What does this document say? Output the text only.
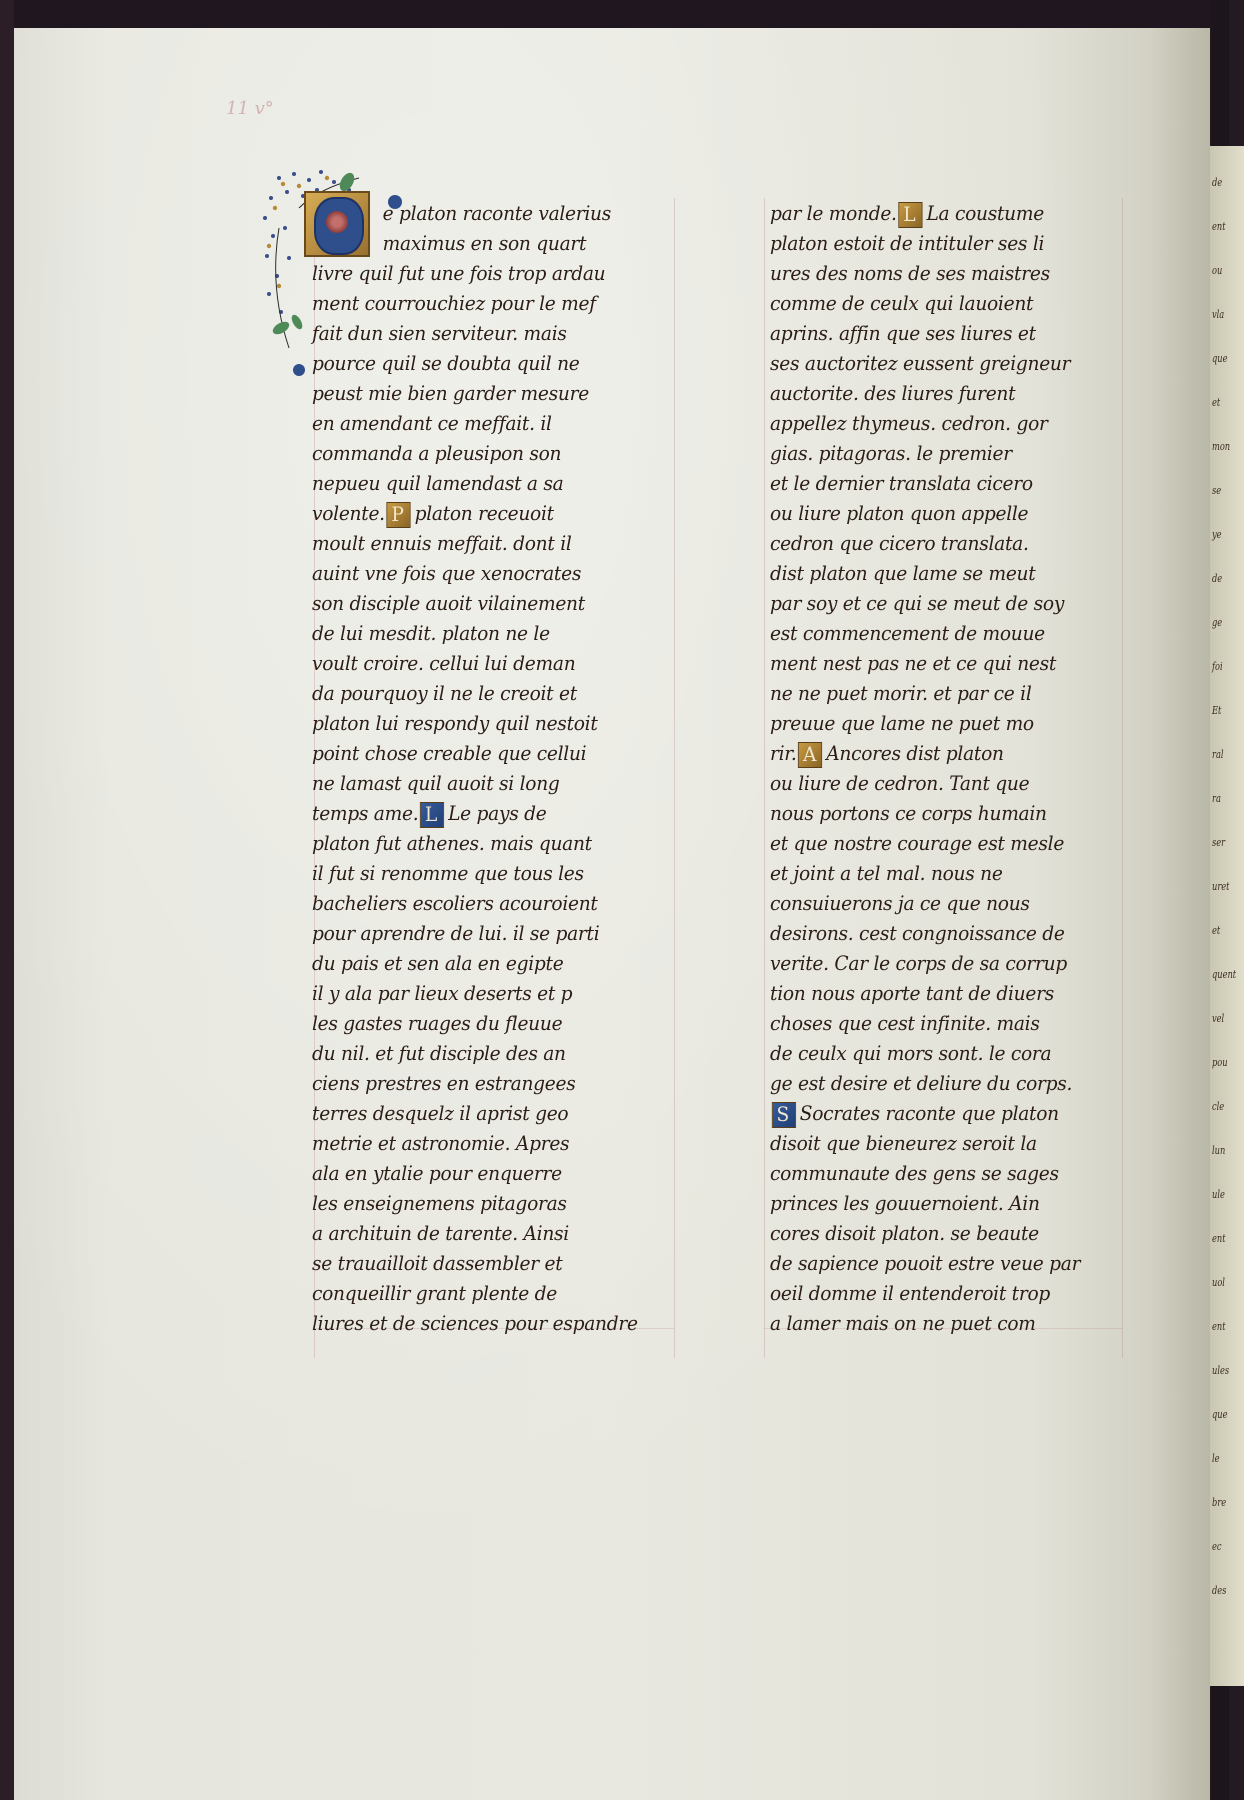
11 v°
e platon raconte valerius
maximus en son quart
livre quil fut une fois trop ardau
ment courrouchiez pour le mef
fait dun sien serviteur. mais
pource quil se doubta quil ne
peust mie bien garder mesure
en amendant ce meffait. il
commanda a pleusipon son
nepueu quil lamendast a sa
volente. P platon receuoit
moult ennuis meffait. dont il
auint vne fois que xenocrates
son disciple auoit vilainement
de lui mesdit. platon ne le
voult croire. cellui lui deman
da pourquoy il ne le creoit et
platon lui respondy quil nestoit
point chose creable que cellui
ne lamast quil auoit si long
temps ame. L Le pays de
platon fut athenes. mais quant
il fut si renomme que tous les
bacheliers escoliers acouroient
pour aprendre de lui. il se parti
du pais et sen ala en egipte
il y ala par lieux deserts et p
les gastes ruages du fleuue
du nil. et fut disciple des an
ciens prestres en estrangees
terres desquelz il aprist geo
metrie et astronomie. Apres
ala en ytalie pour enquerre
les enseignemens pitagoras
a archituin de tarente. Ainsi
se trauailloit dassembler et
conqueillir grant plente de
liures et de sciences pour espandre
par le monde. L La coustume
platon estoit de intituler ses li
ures des noms de ses maistres
comme de ceulx qui lauoient
aprins. affin que ses liures et
ses auctoritez eussent greigneur
auctorite. des liures furent
appellez thymeus. cedron. gor
gias. pitagoras. le premier
et le dernier translata cicero
ou liure platon quon appelle
cedron que cicero translata.
dist platon que lame se meut
par soy et ce qui se meut de soy
est commencement de mouue
ment nest pas ne et ce qui nest
ne ne puet morir. et par ce il
preuue que lame ne puet mo
rir. A Ancores dist platon
ou liure de cedron. Tant que
nous portons ce corps humain
et que nostre courage est mesle
et joint a tel mal. nous ne
consuiuerons ja ce que nous
desirons. cest congnoissance de
verite. Car le corps de sa corrup
tion nous aporte tant de diuers
choses que cest infinite. mais
de ceulx qui mors sont. le cora
ge est desire et deliure du corps.
S Socrates raconte que platon
disoit que bieneurez seroit la
communaute des gens se sages
princes les gouuernoient. Ain
cores disoit platon. se beaute
de sapience pouoit estre veue par
oeil domme il entenderoit trop
a lamer mais on ne puet com
de
ent
ou
vla
que
et
mon
se
ye
de
ge
foi
Et
ral
ra
ser
uret
et
quent
vel
pou
cle
lun
ule
ent
uol
ent
ules
que
le
bre
ec
des
